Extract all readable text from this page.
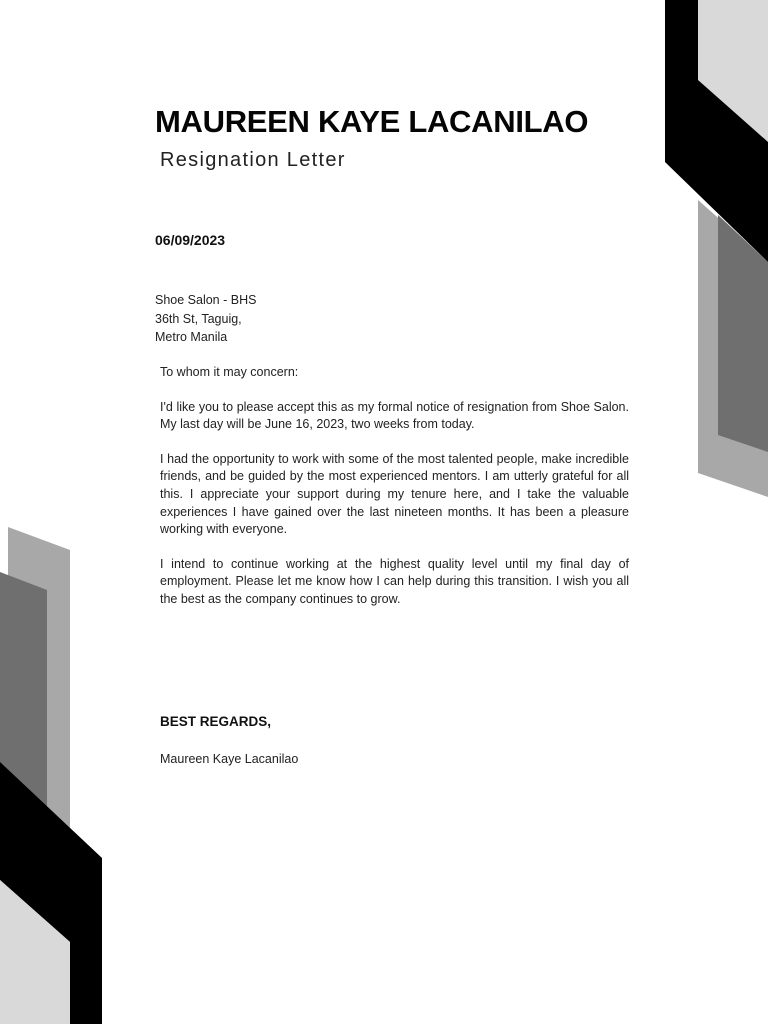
MAUREEN KAYE LACANILAO
Resignation Letter
06/09/2023
Shoe Salon - BHS
36th St, Taguig,
Metro Manila

To whom it may concern:

I'd like you to please accept this as my formal notice of resignation from Shoe Salon. My last day will be June 16, 2023, two weeks from today.

I had the opportunity to work with some of the most talented people, make incredible friends, and be guided by the most experienced mentors. I am utterly grateful for all this. I appreciate your support during my tenure here, and I take the valuable experiences I have gained over the last nineteen months. It has been a pleasure working with everyone.

I intend to continue working at the highest quality level until my final day of employment. Please let me know how I can help during this transition. I wish you all the best as the company continues to grow.

BEST REGARDS,
Maureen Kaye Lacanilao
